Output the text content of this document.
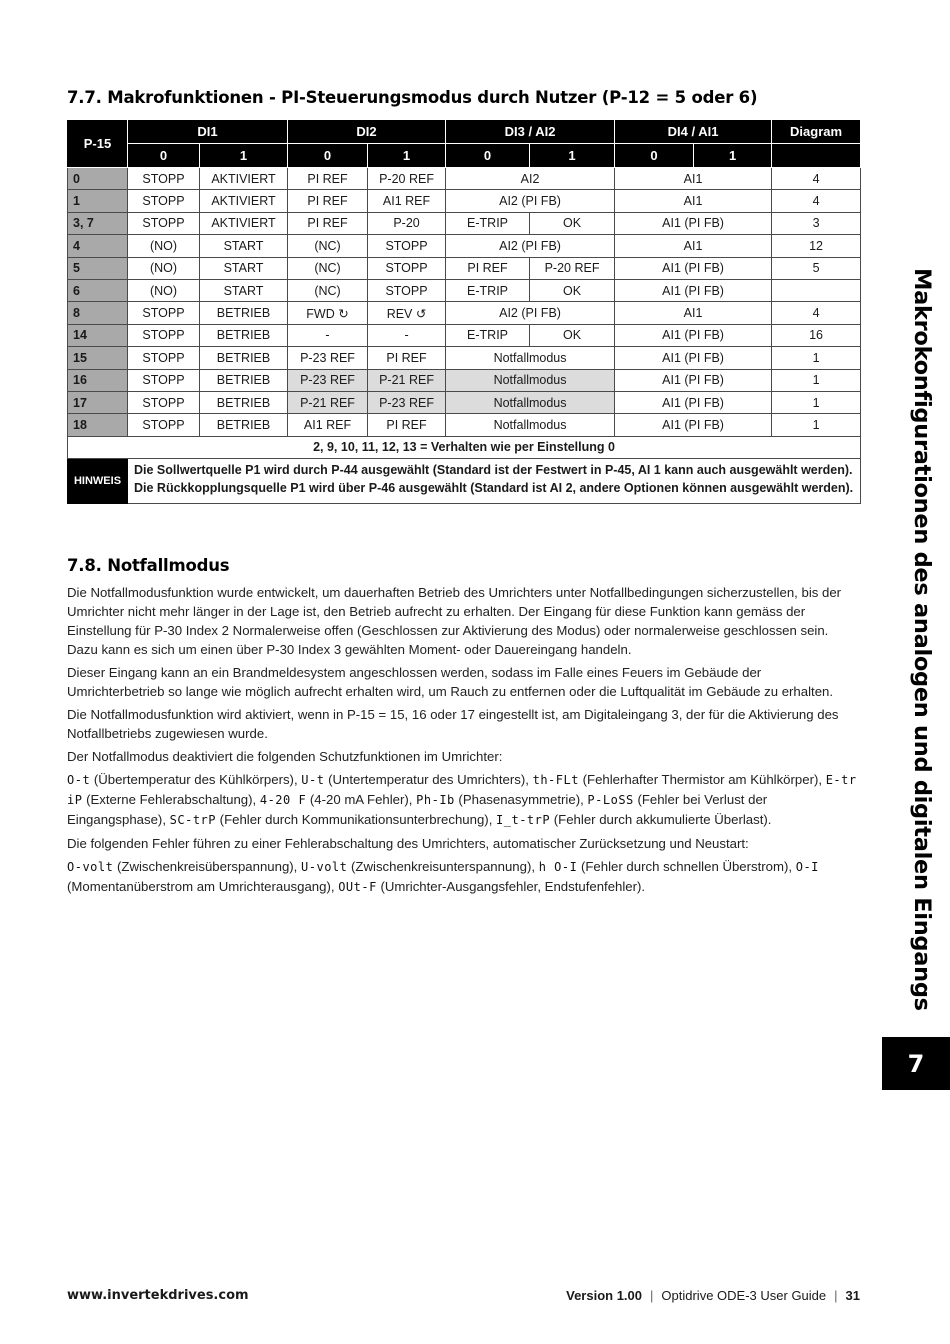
7.7. Makrofunktionen - PI-Steuerungsmodus durch Nutzer (P-12 = 5 oder 6)
P-15	DI1		DI2		DI3 / AI2		DI4 / AI1		Diagram
	0	1	0	1	0	1	0	1	
0	STOPP	AKTIVIERT	PI REF	P-20 REF	AI2		AI1		4
1	STOPP	AKTIVIERT	PI REF	AI1 REF	AI2 (PI FB)		AI1		4
3, 7	STOPP	AKTIVIERT	PI REF	P-20	E-TRIP	OK	AI1 (PI FB)		3
4	(NO)	START	(NC)	STOPP	AI2 (PI FB)		AI1		12
5	(NO)	START	(NC)	STOPP	PI REF	P-20 REF	AI1 (PI FB)		5
6	(NO)	START	(NC)	STOPP	E-TRIP	OK	AI1 (PI FB)		
8	STOPP	BETRIEB	FWD ↻	REV ↺	AI2 (PI FB)		AI1		4
14	STOPP	BETRIEB	-	-	E-TRIP	OK	AI1 (PI FB)		16
15	STOPP	BETRIEB	P-23 REF	PI REF	Notfallmodus		AI1 (PI FB)		1
16	STOPP	BETRIEB	P-23 REF	P-21 REF	Notfallmodus		AI1 (PI FB)		1
17	STOPP	BETRIEB	P-21 REF	P-23 REF	Notfallmodus		AI1 (PI FB)		1
18	STOPP	BETRIEB	AI1 REF	PI REF	Notfallmodus		AI1 (PI FB)		1
2, 9, 10, 11, 12, 13 = Verhalten wie per Einstellung 0									
HINWEIS	Die Sollwertquelle P1 wird durch P-44 ausgewählt (Standard ist der Festwert in P-45, AI 1 kann auch ausgewählt werden).

Die Rückkopplungsquelle P1 wird über P-46 ausgewählt (Standard ist AI 2, andere Optionen können ausgewählt werden).								

7.8. Notfallmodus

Die Notfallmodusfunktion wurde entwickelt, um dauerhaften Betrieb des Umrichters unter Notfallbedingungen sicherzustellen, bis der Umrichter nicht mehr länger in der Lage ist, den Betrieb aufrecht zu erhalten. Der Eingang für diese Funktion kann gemäss der Einstellung für P-30 Index 2 Normalerweise offen (Geschlossen zur Aktivierung des Modus) oder normalerweise geschlossen sein. Dazu kann es sich um einen über P-30 Index 3 gewählten Moment- oder Dauereingang handeln.

Dieser Eingang kann an ein Brandmeldesystem angeschlossen werden, sodass im Falle eines Feuers im Gebäude der Umrichterbetrieb so lange wie möglich aufrecht erhalten wird, um Rauch zu entfernen oder die Luftqualität im Gebäude zu erhalten.

Die Notfallmodusfunktion wird aktiviert, wenn in P-15 = 15, 16 oder 17 eingestellt ist, am Digitaleingang 3, der für die Aktivierung des Notfallbetriebs zugewiesen wurde.

Der Notfallmodus deaktiviert die folgenden Schutzfunktionen im Umrichter:

O-t (Übertemperatur des Kühlkörpers), U-t (Untertemperatur des Umrichters), th-FLt (Fehlerhafter Thermistor am Kühlkörper), E-tr iP (Externe Fehlerabschaltung), 4-20 F (4-20 mA Fehler), Ph-Ib (Phasenasymmetrie), P-LoSS (Fehler bei Verlust der Eingangsphase), SC-trP (Fehler durch Kommunikationsunterbrechung), I_t-trP (Fehler durch akkumulierte Überlast).

Die folgenden Fehler führen zu einer Fehlerabschaltung des Umrichters, automatischer Zurücksetzung und Neustart:

O-volt (Zwischenkreisüberspannung), U-volt (Zwischenkreisunterspannung), h O-I (Fehler durch schnellen Überstrom), O-I (Momentanüberstrom am Umrichterausgang), OUt-F (Umrichter-Ausgangsfehler, Endstufenfehler).	Makrokonfigurationen des analogen und digitalen Eingangs
7
www.invertekdrives.com	Version 1.00 | Optidrive ODE-3 User Guide | 31
